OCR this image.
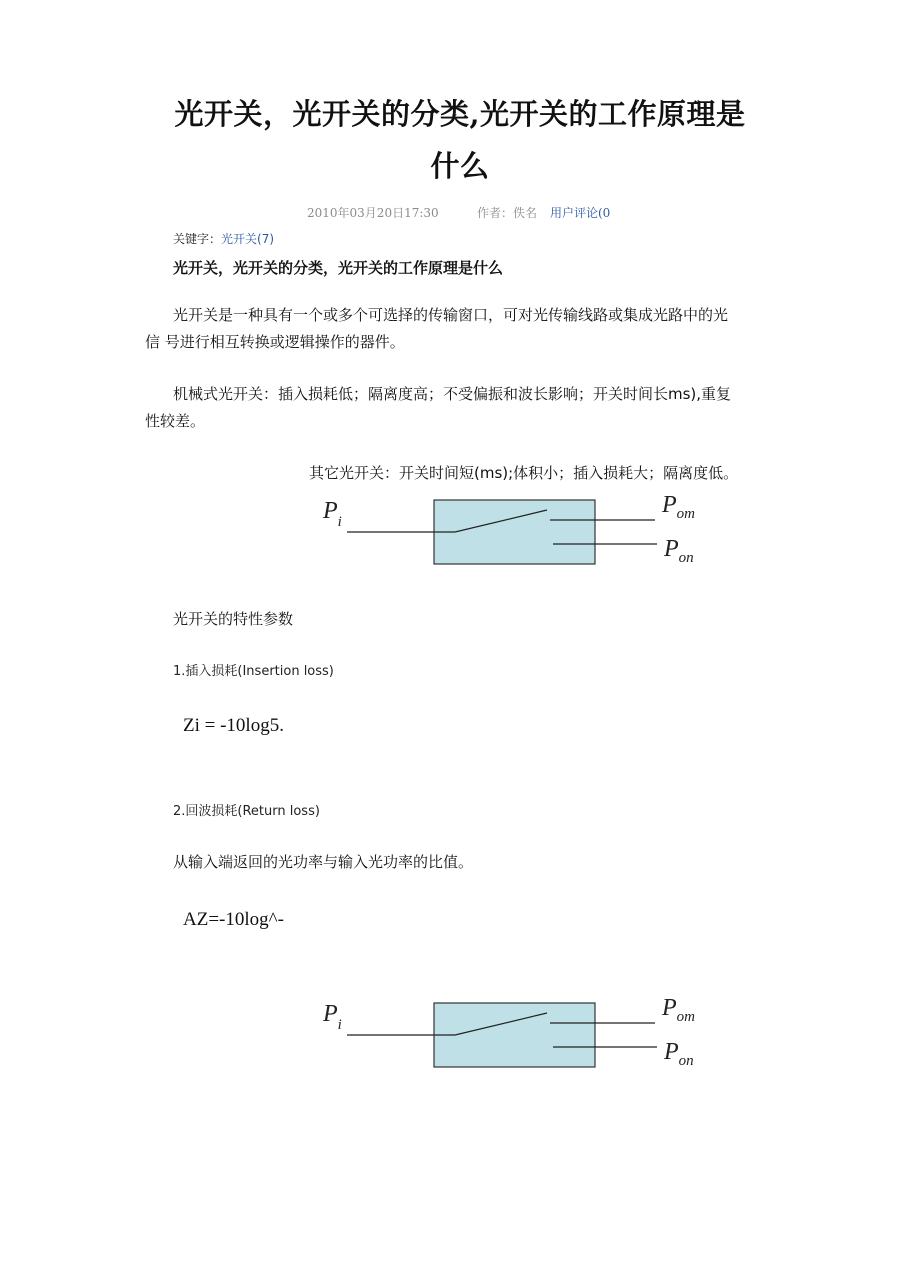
光开关，光开关的分类,光开关的工作原理是
什么
2010年03月20日17:30	作者：佚名 用户评论(0
关键字：光开关(7)
光开关，光开关的分类，光开关的工作原理是什么
光开关是一种具有一个或多个可选择的传输窗口，可对光传输线路或集成光路中的光
信 号进行相互转换或逻辑操作的器件。
机械式光开关：插入损耗低；隔离度高；不受偏振和波长影响；开关时间长ms),重复
性较差。
其它光开关：开关时间短(ms);体积小；插入损耗大；隔离度低。
$P_i$
$P_{om}$
$P_{on}$
光开关的特性参数
1.插入损耗(Insertion loss)
Zi = -10log5.
2.回波损耗(Return loss)
从输入端返回的光功率与输入光功率的比值。
AZ=-10log^-
$P_i$
$P_{om}$
$P_{on}$
